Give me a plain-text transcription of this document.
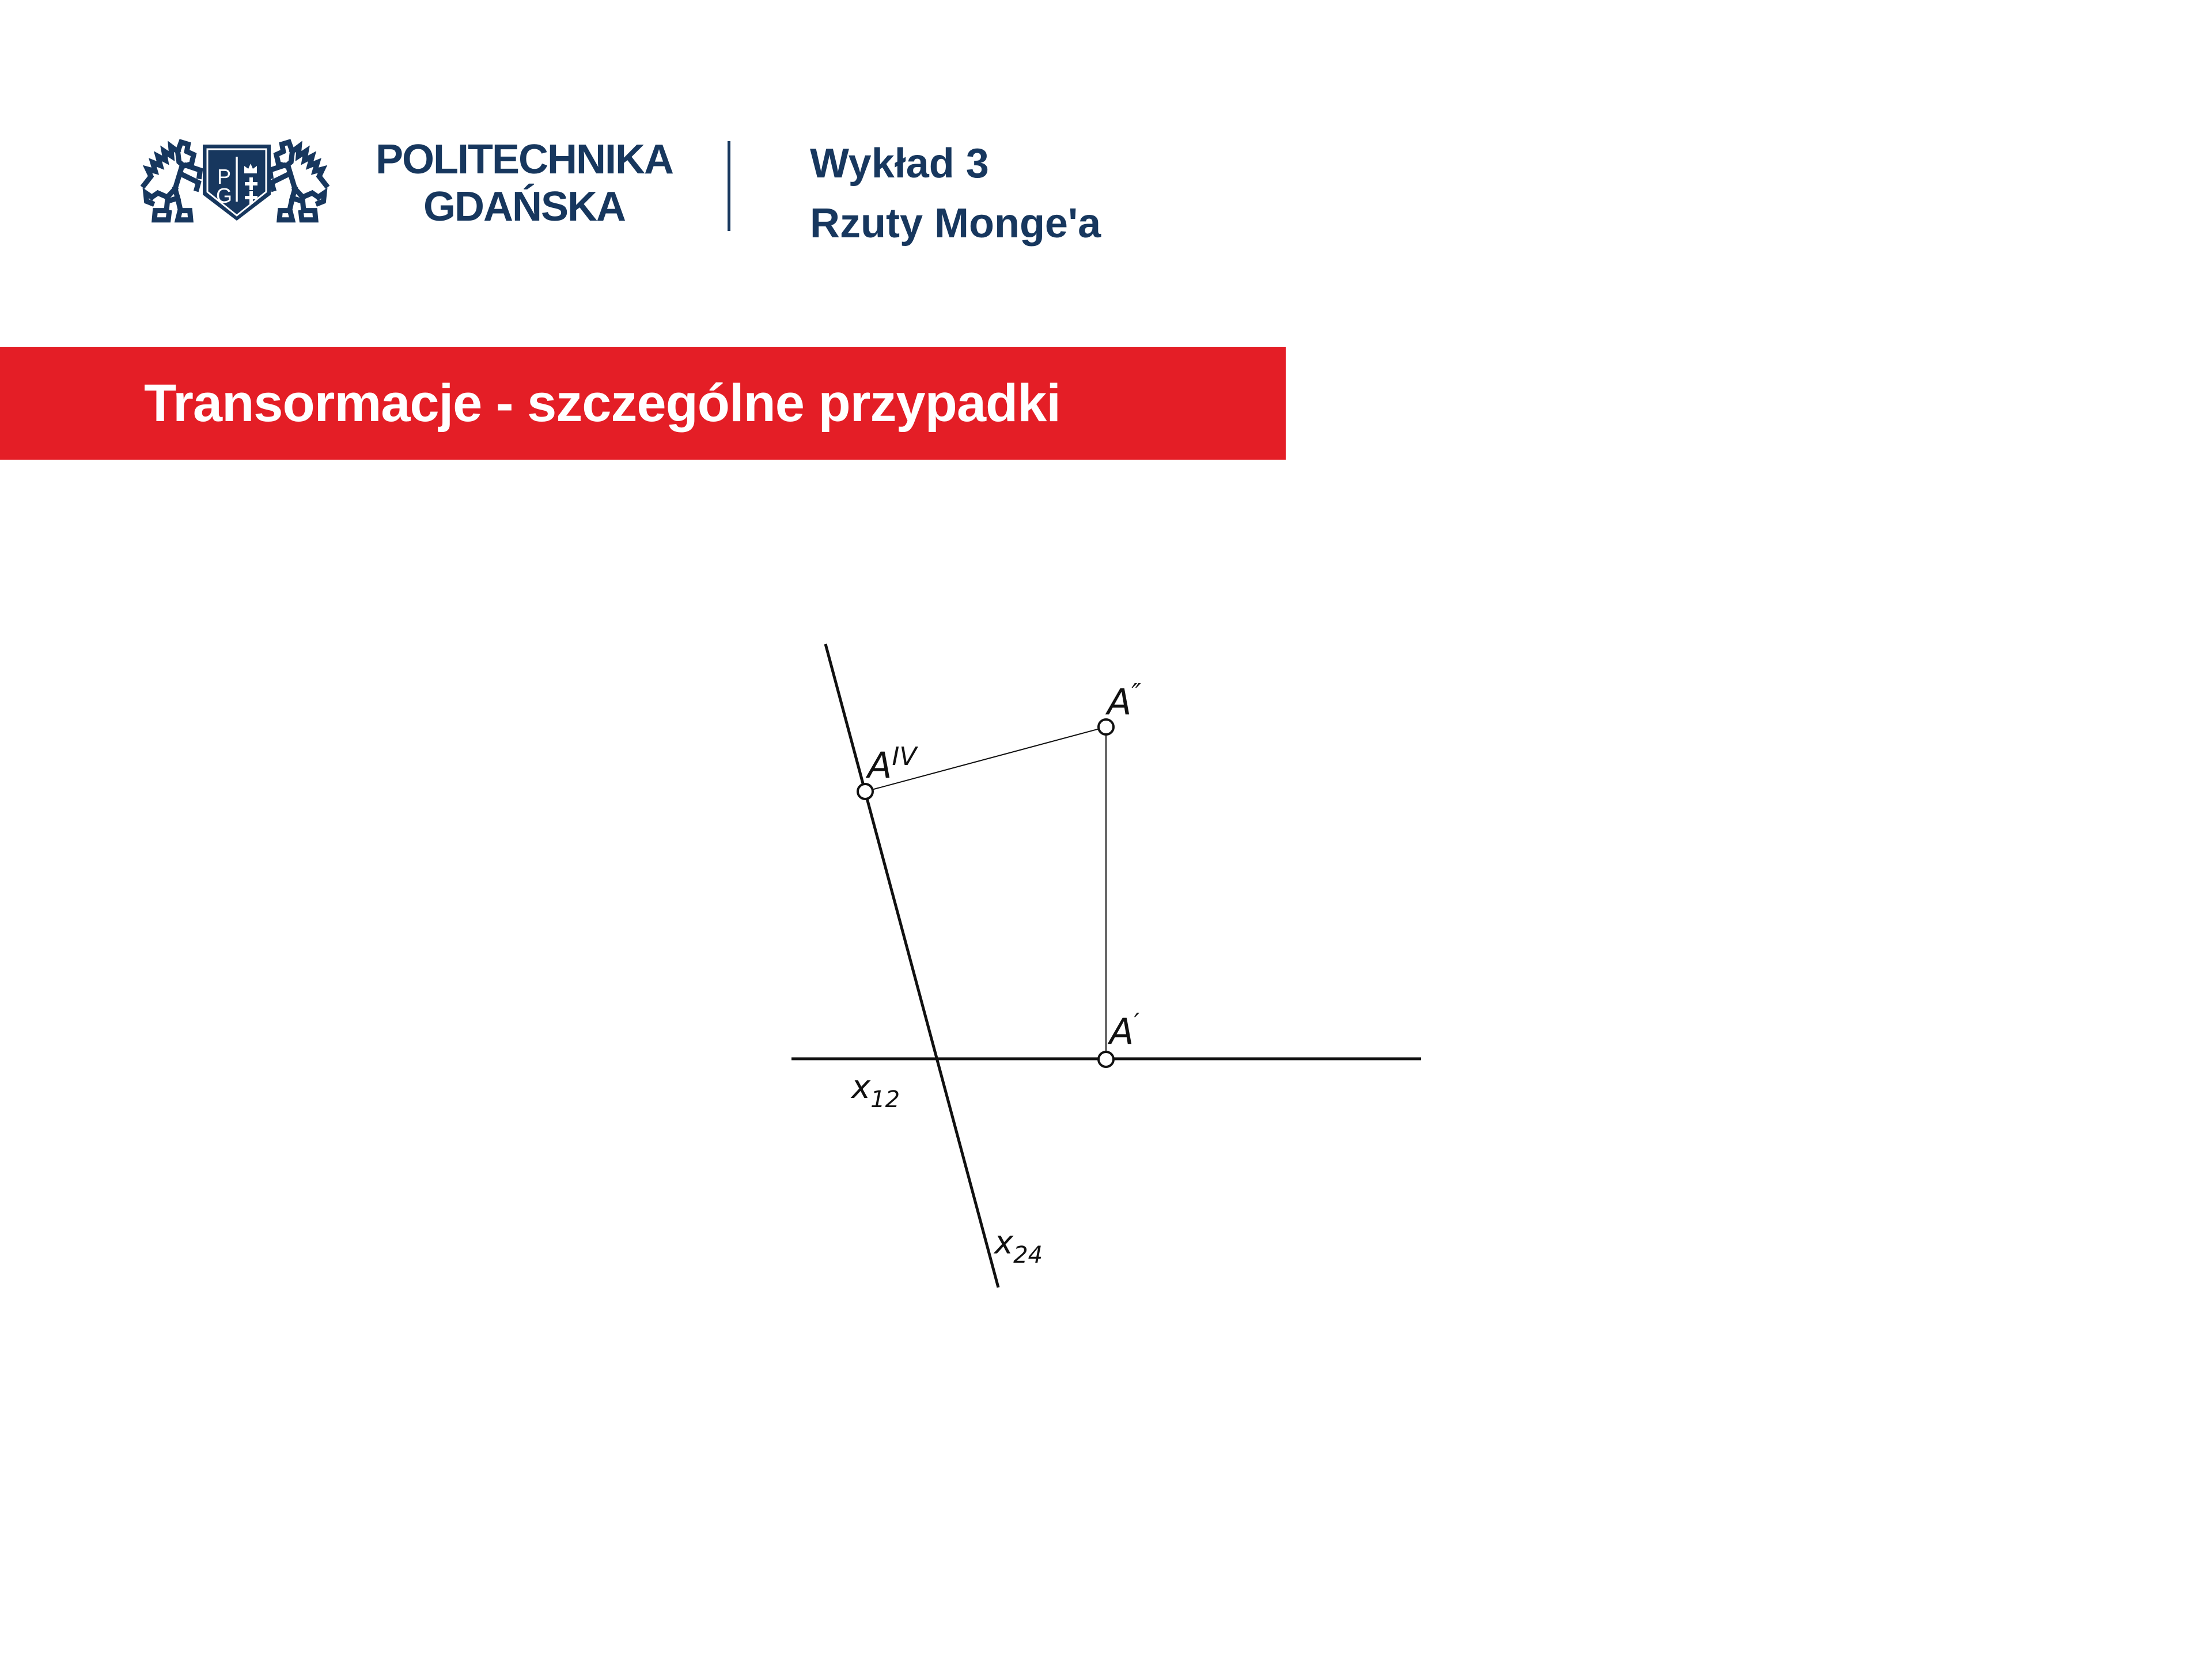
P
G
POLITECHNIKA
GDAŃSKA
Wykład 3
Rzuty Monge'a
Transormacje - szczególne przypadki
A″
$A^{IV}$
A′
$x_{12}$
$x_{24}$
